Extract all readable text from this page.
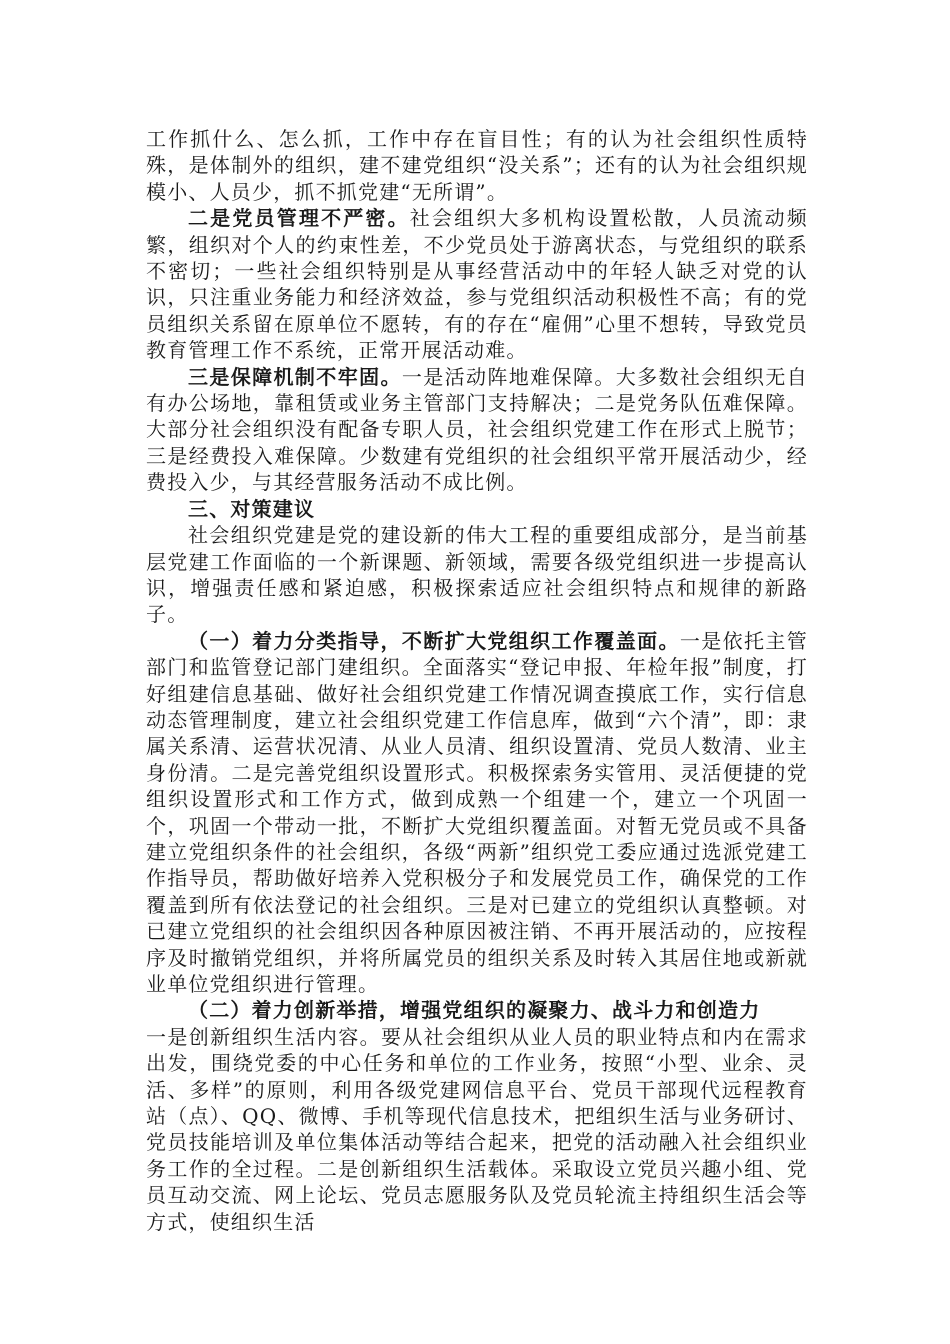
工作抓什么、怎么抓，工作中存在盲目性；有的认为社会组织性质特殊，是体制外的组织，建不建党组织“没关系”；还有的认为社会组织规模小、人员少，抓不抓党建“无所谓”。

二是党员管理不严密。社会组织大多机构设置松散，人员流动频繁，组织对个人的约束性差，不少党员处于游离状态，与党组织的联系不密切；一些社会组织特别是从事经营活动中的年轻人缺乏对党的认识，只注重业务能力和经济效益，参与党组织活动积极性不高；有的党员组织关系留在原单位不愿转，有的存在“雇佣”心里不想转，导致党员教育管理工作不系统，正常开展活动难。

三是保障机制不牢固。一是活动阵地难保障。大多数社会组织无自有办公场地，靠租赁或业务主管部门支持解决；二是党务队伍难保障。大部分社会组织没有配备专职人员，社会组织党建工作在形式上脱节；三是经费投入难保障。少数建有党组织的社会组织平常开展活动少，经费投入少，与其经营服务活动不成比例。

三、对策建议

社会组织党建是党的建设新的伟大工程的重要组成部分，是当前基层党建工作面临的一个新课题、新领域，需要各级党组织进一步提高认识，增强责任感和紧迫感，积极探索适应社会组织特点和规律的新路子。

（一）着力分类指导，不断扩大党组织工作覆盖面。一是依托主管部门和监管登记部门建组织。全面落实“登记申报、年检年报”制度，打好组建信息基础、做好社会组织党建工作情况调查摸底工作，实行信息动态管理制度，建立社会组织党建工作信息库，做到“六个清”，即：隶属关系清、运营状况清、从业人员清、组织设置清、党员人数清、业主身份清。二是完善党组织设置形式。积极探索务实管用、灵活便捷的党组织设置形式和工作方式，做到成熟一个组建一个，建立一个巩固一个，巩固一个带动一批，不断扩大党组织覆盖面。对暂无党员或不具备建立党组织条件的社会组织，各级“两新”组织党工委应通过选派党建工作指导员，帮助做好培养入党积极分子和发展党员工作，确保党的工作覆盖到所有依法登记的社会组织。三是对已建立的党组织认真整顿。对已建立党组织的社会组织因各种原因被注销、不再开展活动的，应按程序及时撤销党组织，并将所属党员的组织关系及时转入其居住地或新就业单位党组织进行管理。

（二）着力创新举措，增强党组织的凝聚力、战斗力和创造力

一是创新组织生活内容。要从社会组织从业人员的职业特点和内在需求出发，围绕党委的中心任务和单位的工作业务，按照“小型、业余、灵活、多样”的原则，利用各级党建网信息平台、党员干部现代远程教育站（点）、QQ、微博、手机等现代信息技术，把组织生活与业务研讨、党员技能培训及单位集体活动等结合起来，把党的活动融入社会组织业务工作的全过程。二是创新组织生活载体。采取设立党员兴趣小组、党员互动交流、网上论坛、党员志愿服务队及党员轮流主持组织生活会等方式，使组织生活
